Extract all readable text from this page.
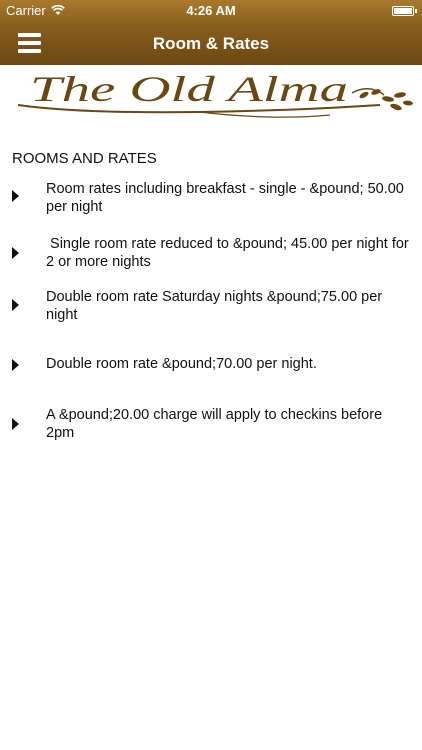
Carrier	4:26 AM
Room & Rates
The Old Alma
ROOMS AND RATES
Room rates including breakfast - single - &pound; 50.00 per night
Single room rate reduced to &pound; 45.00 per night for 2 or more nights
Double room rate Saturday nights &pound;75.00 per night
Double room rate &pound;70.00 per night.
A &pound;20.00 charge will apply to checkins before 2pm
